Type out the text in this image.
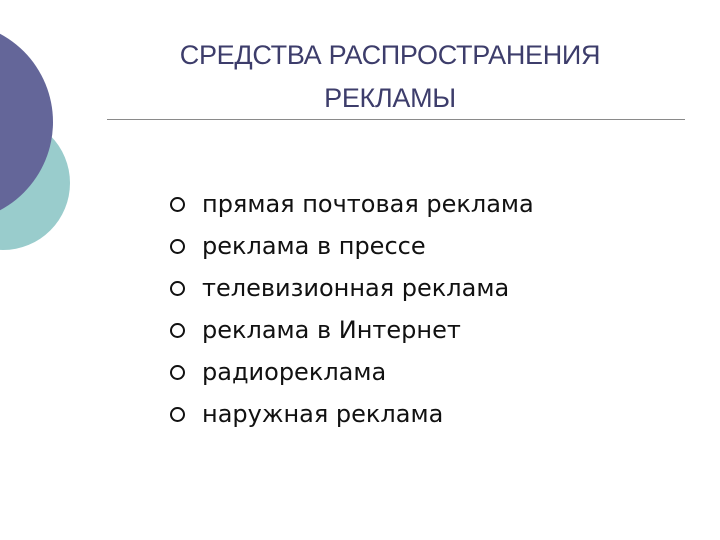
СРЕДСТВА РАСПРОСТРАНЕНИЯ
РЕКЛАМЫ
прямая почтовая реклама
реклама в прессе
телевизионная реклама
реклама в Интернет
радиореклама
наружная реклама
